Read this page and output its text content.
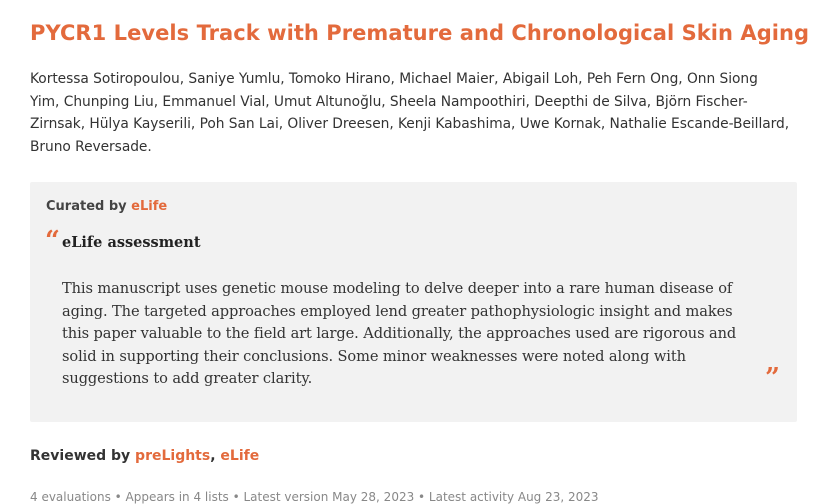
PYCR1 Levels Track with Premature and Chronological Skin Aging

Kortessa Sotiropoulou, Saniye Yumlu, Tomoko Hirano, Michael Maier, Abigail Loh, Peh Fern Ong, Onn Siong Yim, Chunping Liu, Emmanuel Vial, Umut Altunoğlu, Sheela Nampoothiri, Deepthi de Silva, Björn Fischer-Zirnsak, Hülya Kayserili, Poh San Lai, Oliver Dreesen, Kenji Kabashima, Uwe Kornak, Nathalie Escande-Beillard, Bruno Reversade.

Curated by eLife

“ eLife assessment

This manuscript uses genetic mouse modeling to delve deeper into a rare human disease of aging. The targeted approaches employed lend greater pathophysiologic insight and makes this paper valuable to the field art large. Additionally, the approaches used are rigorous and solid in supporting their conclusions. Some minor weaknesses were noted along with suggestions to add greater clarity.	”

Reviewed by preLights, eLife

4 evaluations • Appears in 4 lists • Latest version May 28, 2023 • Latest activity Aug 23, 2023
